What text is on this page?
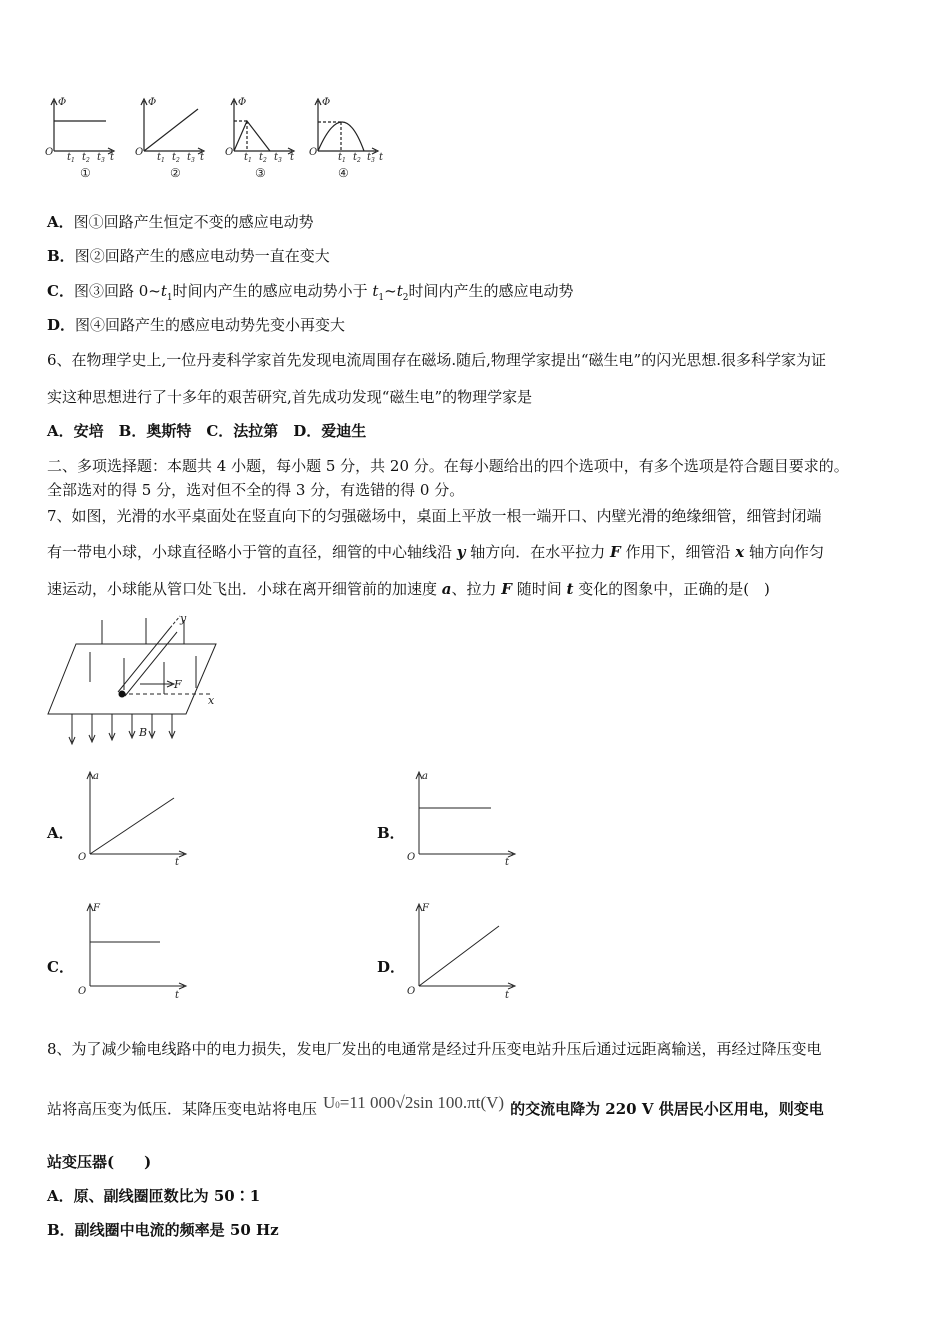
Φ	Φ	Φ	Φ
O	O	O	O
t 1 t 2 t 3 t	t 1 t 2 t 3 t	t 1 t 2 t 3 t	t 1 t 2 t 3 t
①	②	③	④
A．图①回路产生恒定不变的感应电动势
B．图②回路产生的感应电动势一直在变大
C．图③回路 $0\sim t_1$时间内产生的感应电动势小于 $t_1\sim t_2$时间内产生的感应电动势
D．图④回路产生的感应电动势先变小再变大
6、在物理学史上,一位丹麦科学家首先发现电流周围存在磁场.随后,物理学家提出“磁生电”的闪光思想.很多科学家为证
实这种思想进行了十多年的艰苦研究,首先成功发现“磁生电”的物理学家是
A．安培　B．奥斯特　C．法拉第　D．爱迪生
二、多项选择题：本题共 4 小题，每小题 5 分，共 20 分。在每小题给出的四个选项中，有多个选项是符合题目要求的。
全部选对的得 5 分，选对但不全的得 3 分，有选错的得 0 分。
7、如图，光滑的水平桌面处在竖直向下的匀强磁场中，桌面上平放一根一端开口、内壁光滑的绝缘细管，细管封闭端
有一带电小球，小球直径略小于管的直径，细管的中心轴线沿 y 轴方向．在水平拉力 F 作用下，细管沿 x 轴方向作匀
速运动，小球能从管口处飞出．小球在离开细管前的加速度 a、拉力 F 随时间 t 变化的图象中，正确的是(　)
y
x
F
B
A．
a
O	t
B．
a
O	t
C．
F
O	t
D．
F
O	t
8、为了减少输电线路中的电力损失，发电厂发出的电通常是经过升压变电站升压后通过远距离输送，再经过降压变电
站将高压变为低压．某降压变电站将电压 U0=11 000√2sin 100.πt(V) 的交流电降为 220 V 供居民小区用电，则变电
站变压器(　　)
A．原、副线圈匝数比为 50∶1
B．副线圈中电流的频率是 50 Hz
